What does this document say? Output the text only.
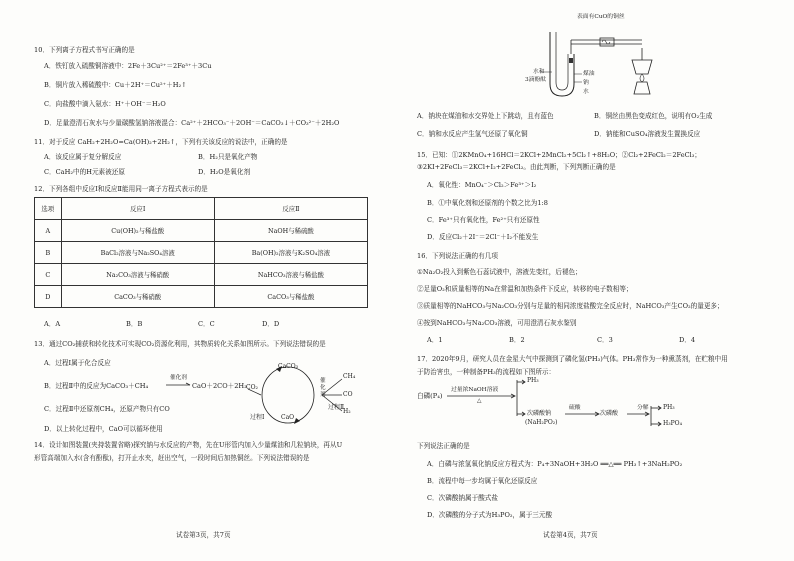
10．下列离子方程式书写正确的是
A．铁钉放入硫酸铜溶液中：2Fe＋3Cu²⁺＝2Fe³⁺＋3Cu
B．铜片放入稀硫酸中：Cu＋2H⁺＝Cu²⁺＋H₂↑
C．向盐酸中滴入氨水：H⁺＋OH⁻＝H₂O
D．足量澄清石灰水与少量碳酸氢钠溶液混合：Ca²⁺＋2HCO₃⁻＋2OH⁻＝CaCO₃↓＋CO₃²⁻＋2H₂O
11．对于反应 CaH₂+2H₂O=Ca(OH)₂+2H₂↑，下列有关该反应的说法中，正确的是
A．该反应属于复分解反应	B．H₂只是氧化产物
C．CaH₂中的H元素被还原	D．H₂O是氧化剂
12．下列各组中反应Ⅰ和反应Ⅱ能用同一离子方程式表示的是
选项	反应Ⅰ	反应Ⅱ
A	Cu(OH)₂与稀盐酸	NaOH与稀硫酸
B	BaCl₂溶液与Na₂SO₄溶液	Ba(OH)₂溶液与K₂SO₄溶液
C	Na₂CO₃溶液与稀硝酸	NaHCO₃溶液与稀盐酸
D	CaCO₃与稀硝酸	CaCO₃与稀盐酸
A．A	B．B	C．C	D．D
13．通过CO₂捕获和转化技术可实现CO₂资源化利用，其物质转化关系如图所示。下列说法错误的是
A．过程Ⅰ属于化合反应
B．过程Ⅱ中的反应为CaCO₃＋CH₄
催化剂
CaO＋2CO＋2H₂
C．过程Ⅱ中还原剂CH₄，还原产物只有CO
D．以上转化过程中，CaO可以循环使用
CaCO₃
CaO
CO₂
过程Ⅰ
催化剂
过程Ⅱ
CH₄
CO
H₂
14．设计如图装置(夹持装置省略)探究钠与水反应的产物，先在U形管内加入少量煤油和几粒钠块，再从U
形管高端加入水(含有酚酞)，打开止水夹，赶出空气，一段时间后加热铜丝。下列说法错误的是
试卷第3页，共7页
表面有CuO的铜丝
水和
3滴酚酞
煤油
钠
水
A．钠块在煤油和水交界处上下跳动，且有蓝色	B．铜丝由黑色变成红色，说明有O₂生成
C．钠和水反应产生氢气还原了氧化铜	D．钠能和CuSO₄溶液发生置换反应
15．已知：①2KMnO₄+16HCl＝2KCl+2MnCl₂+5Cl₂↑+8H₂O；②Cl₂+2FeCl₂＝2FeCl₃；
③2KI+2FeCl₃＝2KCl+I₂+2FeCl₂。由此判断，下列判断正确的是
A．氧化性：MnO₄⁻＞Cl₂＞Fe³⁺＞I₂
B．①中氧化剂和还原剂的个数之比为1:8
C．Fe³⁺只有氧化性，Fe²⁺只有还原性
D．反应Cl₂＋2I⁻＝2Cl⁻＋I₂不能发生
16．下列说法正确的有几项
①Na₂O₂投入到紫色石蕊试液中，溶液先变红，后褪色；
②足量O₂和质量相等的Na在常温和加热条件下反应，转移的电子数相等；
③质量相等的NaHCO₃与Na₂CO₃分别与足量的相同浓度盐酸完全反应时，NaHCO₃产生CO₂的量更多；
④按到NaHCO₃与Na₂CO₃溶液，可用澄清石灰水鉴别
A．1	B．2	C．3	D．4
17．2020年9月，研究人员在金星大气中探测到了磷化氢(PH₃)气体。PH₃常作为一种熏蒸剂，在贮粮中用
于防治害虫，一种制备PH₃的流程如下图所示：
白磷(P₄)
过量浓NaOH溶液
△
PH₃
次磷酸钠
(NaH₂PO₂)
硫酸
次磷酸
分解 PH₃
H₃PO₄
下列说法正确的是
A．白磷与浓氢氧化钠反应方程式为：P₄+3NaOH+3H₂O ══△══ PH₃↑+3NaH₂PO₂
B．流程中每一步均属于氧化还原反应
C．次磷酸钠属于酸式盐
D．次磷酸的分子式为H₃PO₂，属于三元酸
试卷第4页，共7页
